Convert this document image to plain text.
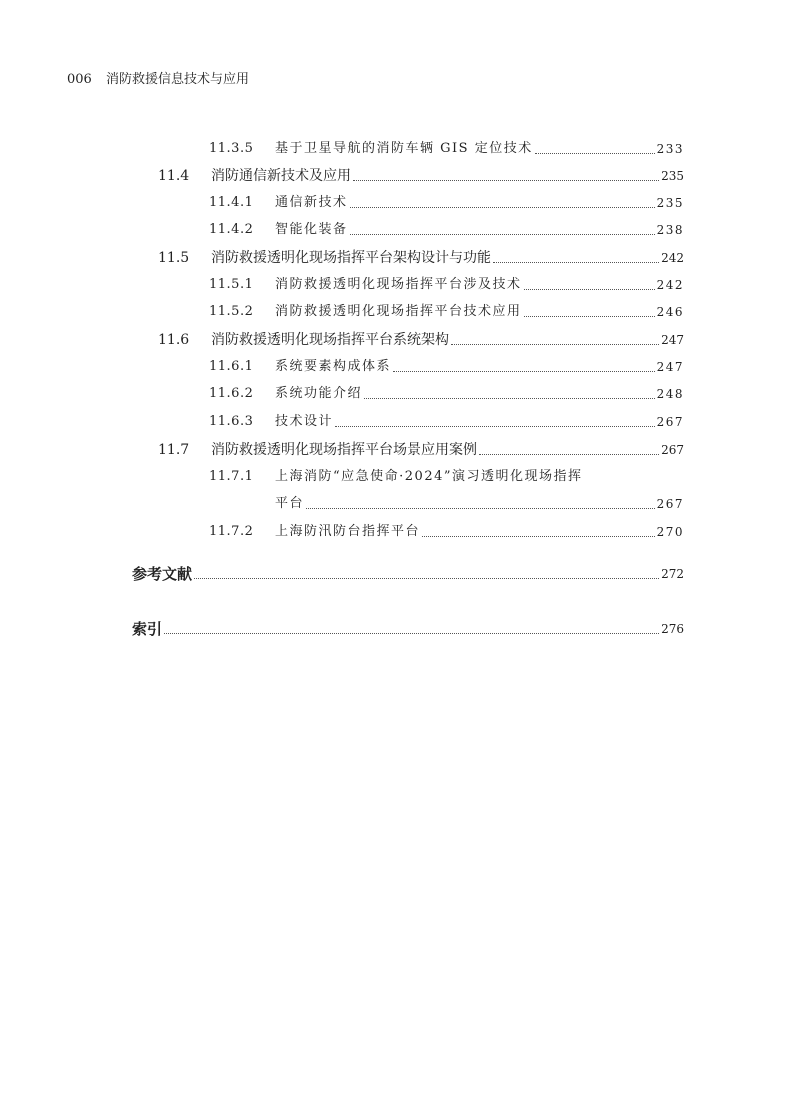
006 消防救援信息技术与应用
11.3.5	基于卫星导航的消防车辆 GIS 定位技术	233
11.4	消防通信新技术及应用	235
11.4.1	通信新技术	235
11.4.2	智能化装备	238
11.5	消防救援透明化现场指挥平台架构设计与功能	242
11.5.1	消防救援透明化现场指挥平台涉及技术	242
11.5.2	消防救援透明化现场指挥平台技术应用	246
11.6	消防救援透明化现场指挥平台系统架构	247
11.6.1	系统要素构成体系	247
11.6.2	系统功能介绍	248
11.6.3	技术设计	267
11.7	消防救援透明化现场指挥平台场景应用案例	267
11.7.1	上海消防“应急使命·2024”演习透明化现场指挥
平台	267
11.7.2	上海防汛防台指挥平台	270
参考文献	272
索引	276
